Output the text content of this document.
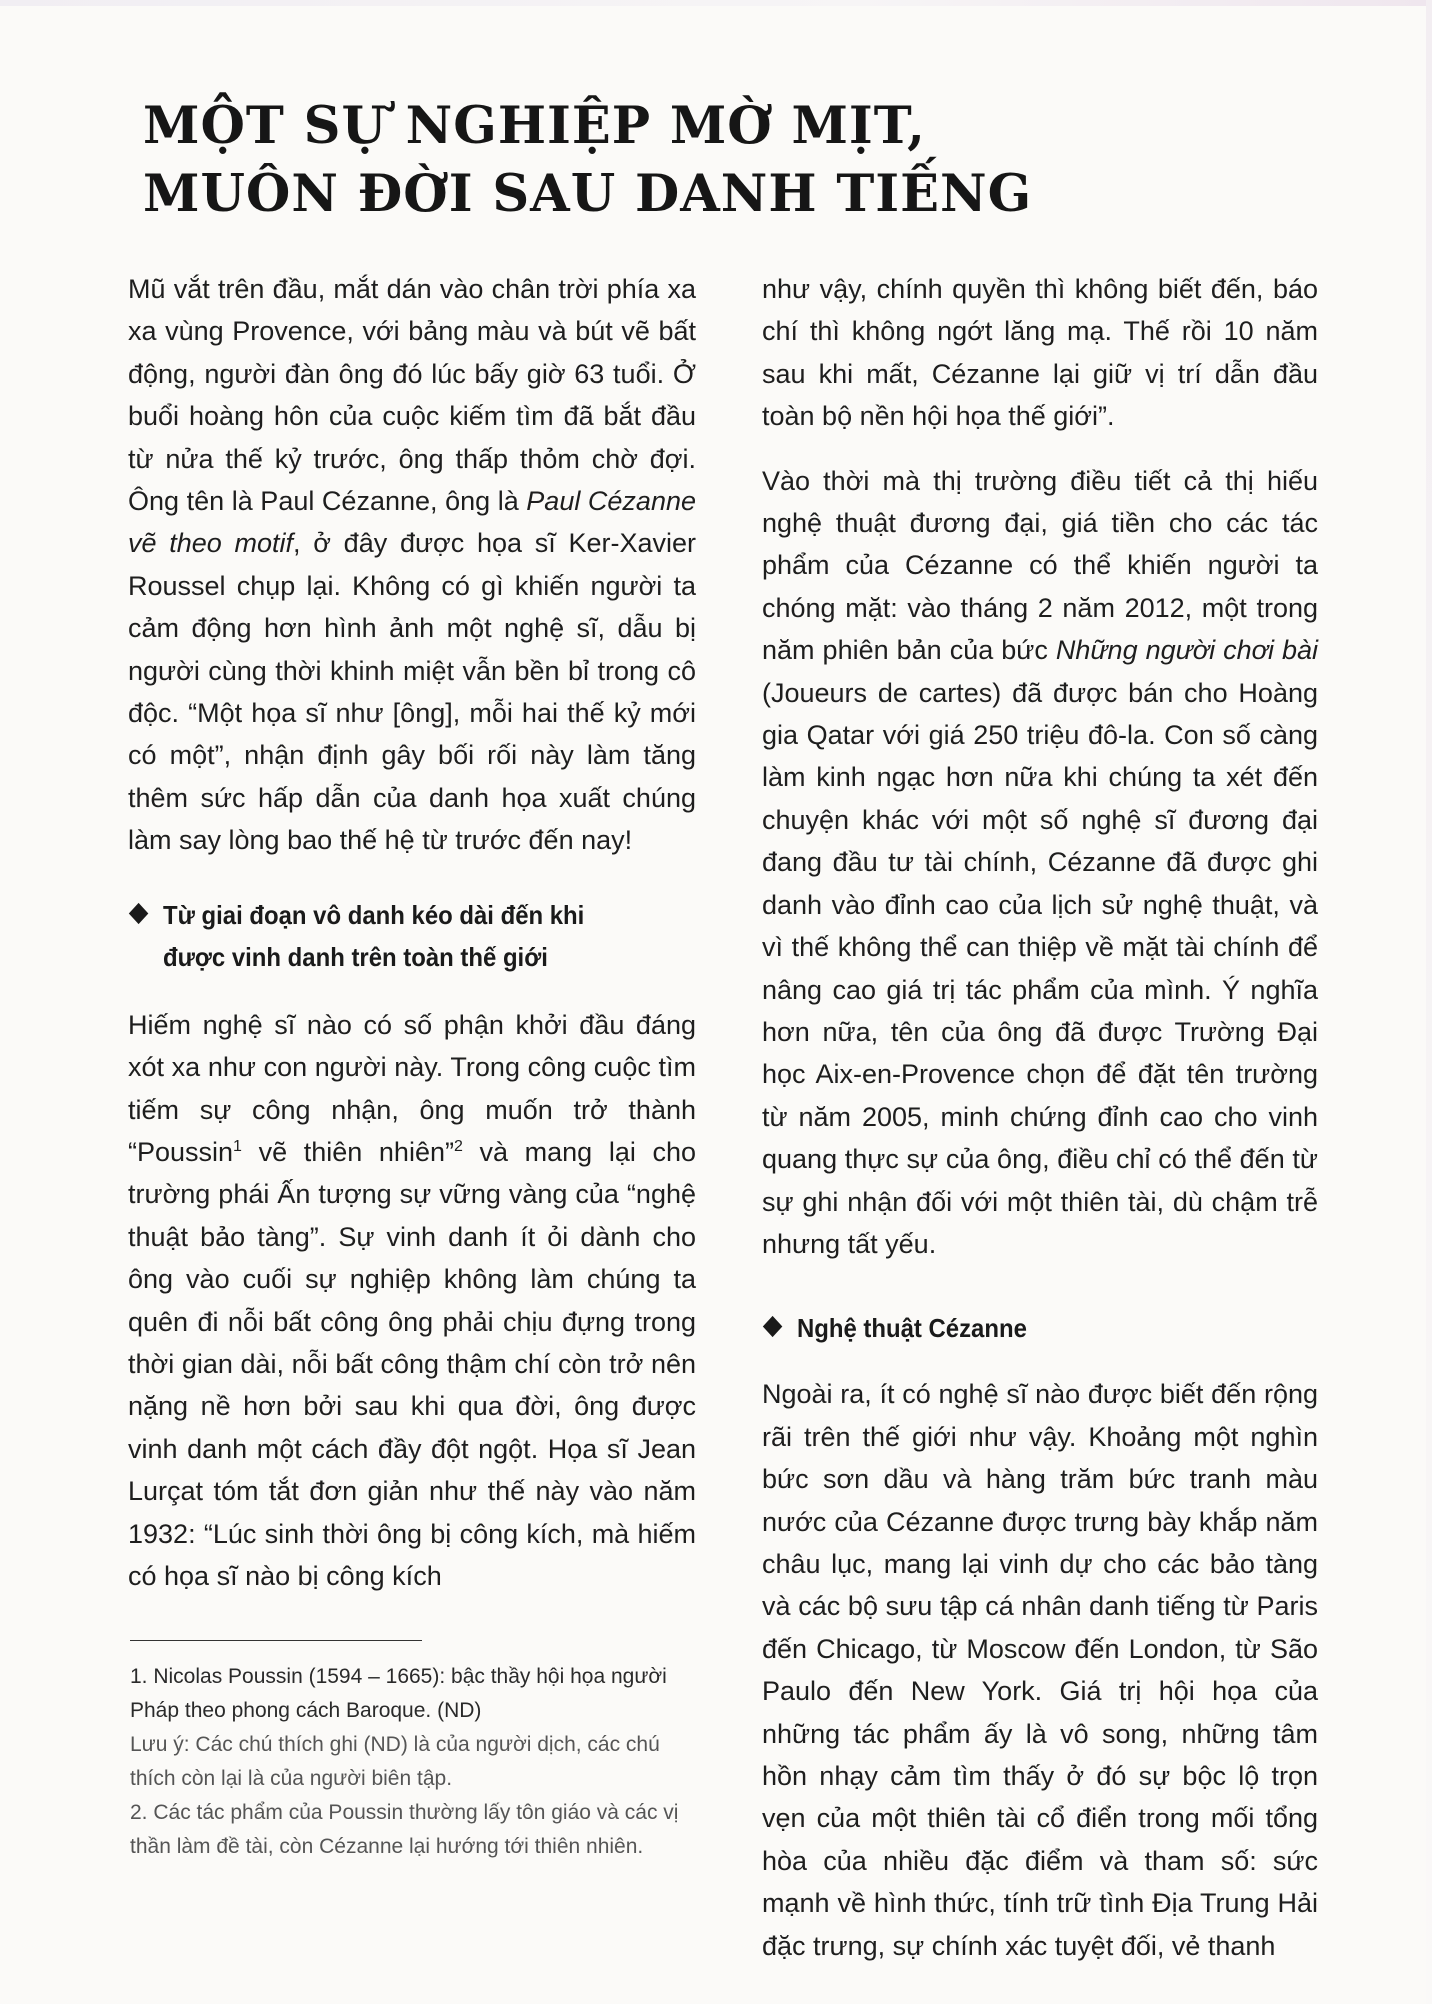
MỘT SỰ NGHIỆP MỜ MỊT,
MUÔN ĐỜI SAU DANH TIẾNG

Mũ vắt trên đầu, mắt dán vào chân trời phía xa xa vùng Provence, với bảng màu và bút vẽ bất động, người đàn ông đó lúc bấy giờ 63 tuổi. Ở buổi hoàng hôn của cuộc kiếm tìm đã bắt đầu từ nửa thế kỷ trước, ông thấp thỏm chờ đợi. Ông tên là Paul Cézanne, ông là Paul Cézanne vẽ theo motif, ở đây được họa sĩ Ker-Xavier Roussel chụp lại. Không có gì khiến người ta cảm động hơn hình ảnh một nghệ sĩ, dẫu bị người cùng thời khinh miệt vẫn bền bỉ trong cô độc. “Một họa sĩ như [ông], mỗi hai thế kỷ mới có một”, nhận định gây bối rối này làm tăng thêm sức hấp dẫn của danh họa xuất chúng làm say lòng bao thế hệ từ trước đến nay!

Từ giai đoạn vô danh kéo dài đến khi được vinh danh trên toàn thế giới

Hiếm nghệ sĩ nào có số phận khởi đầu đáng xót xa như con người này. Trong công cuộc tìm tiếm sự công nhận, ông muốn trở thành “Poussin$^1$ vẽ thiên nhiên”$^2$ và mang lại cho trường phái Ấn tượng sự vững vàng của “nghệ thuật bảo tàng”. Sự vinh danh ít ỏi dành cho ông vào cuối sự nghiệp không làm chúng ta quên đi nỗi bất công ông phải chịu đựng trong thời gian dài, nỗi bất công thậm chí còn trở nên nặng nề hơn bởi sau khi qua đời, ông được vinh danh một cách đầy đột ngột. Họa sĩ Jean Lurçat tóm tắt đơn giản như thế này vào năm 1932: “Lúc sinh thời ông bị công kích, mà hiếm có họa sĩ nào bị công kích

như vậy, chính quyền thì không biết đến, báo chí thì không ngớt lăng mạ. Thế rồi 10 năm sau khi mất, Cézanne lại giữ vị trí dẫn đầu toàn bộ nền hội họa thế giới”.

Vào thời mà thị trường điều tiết cả thị hiếu nghệ thuật đương đại, giá tiền cho các tác phẩm của Cézanne có thể khiến người ta chóng mặt: vào tháng 2 năm 2012, một trong năm phiên bản của bức Những người chơi bài (Joueurs de cartes) đã được bán cho Hoàng gia Qatar với giá 250 triệu đô-la. Con số càng làm kinh ngạc hơn nữa khi chúng ta xét đến chuyện khác với một số nghệ sĩ đương đại đang đầu tư tài chính, Cézanne đã được ghi danh vào đỉnh cao của lịch sử nghệ thuật, và vì thế không thể can thiệp về mặt tài chính để nâng cao giá trị tác phẩm của mình. Ý nghĩa hơn nữa, tên của ông đã được Trường Đại học Aix-en-Provence chọn để đặt tên trường từ năm 2005, minh chứng đỉnh cao cho vinh quang thực sự của ông, điều chỉ có thể đến từ sự ghi nhận đối với một thiên tài, dù chậm trễ nhưng tất yếu.

Nghệ thuật Cézanne

Ngoài ra, ít có nghệ sĩ nào được biết đến rộng rãi trên thế giới như vậy. Khoảng một nghìn bức sơn dầu và hàng trăm bức tranh màu nước của Cézanne được trưng bày khắp năm châu lục, mang lại vinh dự cho các bảo tàng và các bộ sưu tập cá nhân danh tiếng từ Paris đến Chicago, từ Moscow đến London, từ São Paulo đến New York. Giá trị hội họa của những tác phẩm ấy là vô song, những tâm hồn nhạy cảm tìm thấy ở đó sự bộc lộ trọn vẹn của một thiên tài cổ điển trong mối tổng hòa của nhiều đặc điểm và tham số: sức mạnh về hình thức, tính trữ tình Địa Trung Hải đặc trưng, sự chính xác tuyệt đối, vẻ thanh

1. Nicolas Poussin (1594 – 1665): bậc thầy hội họa người Pháp theo phong cách Baroque. (ND)

Lưu ý: Các chú thích ghi (ND) là của người dịch, các chú thích còn lại là của người biên tập.

2. Các tác phẩm của Poussin thường lấy tôn giáo và các vị thần làm đề tài, còn Cézanne lại hướng tới thiên nhiên.
